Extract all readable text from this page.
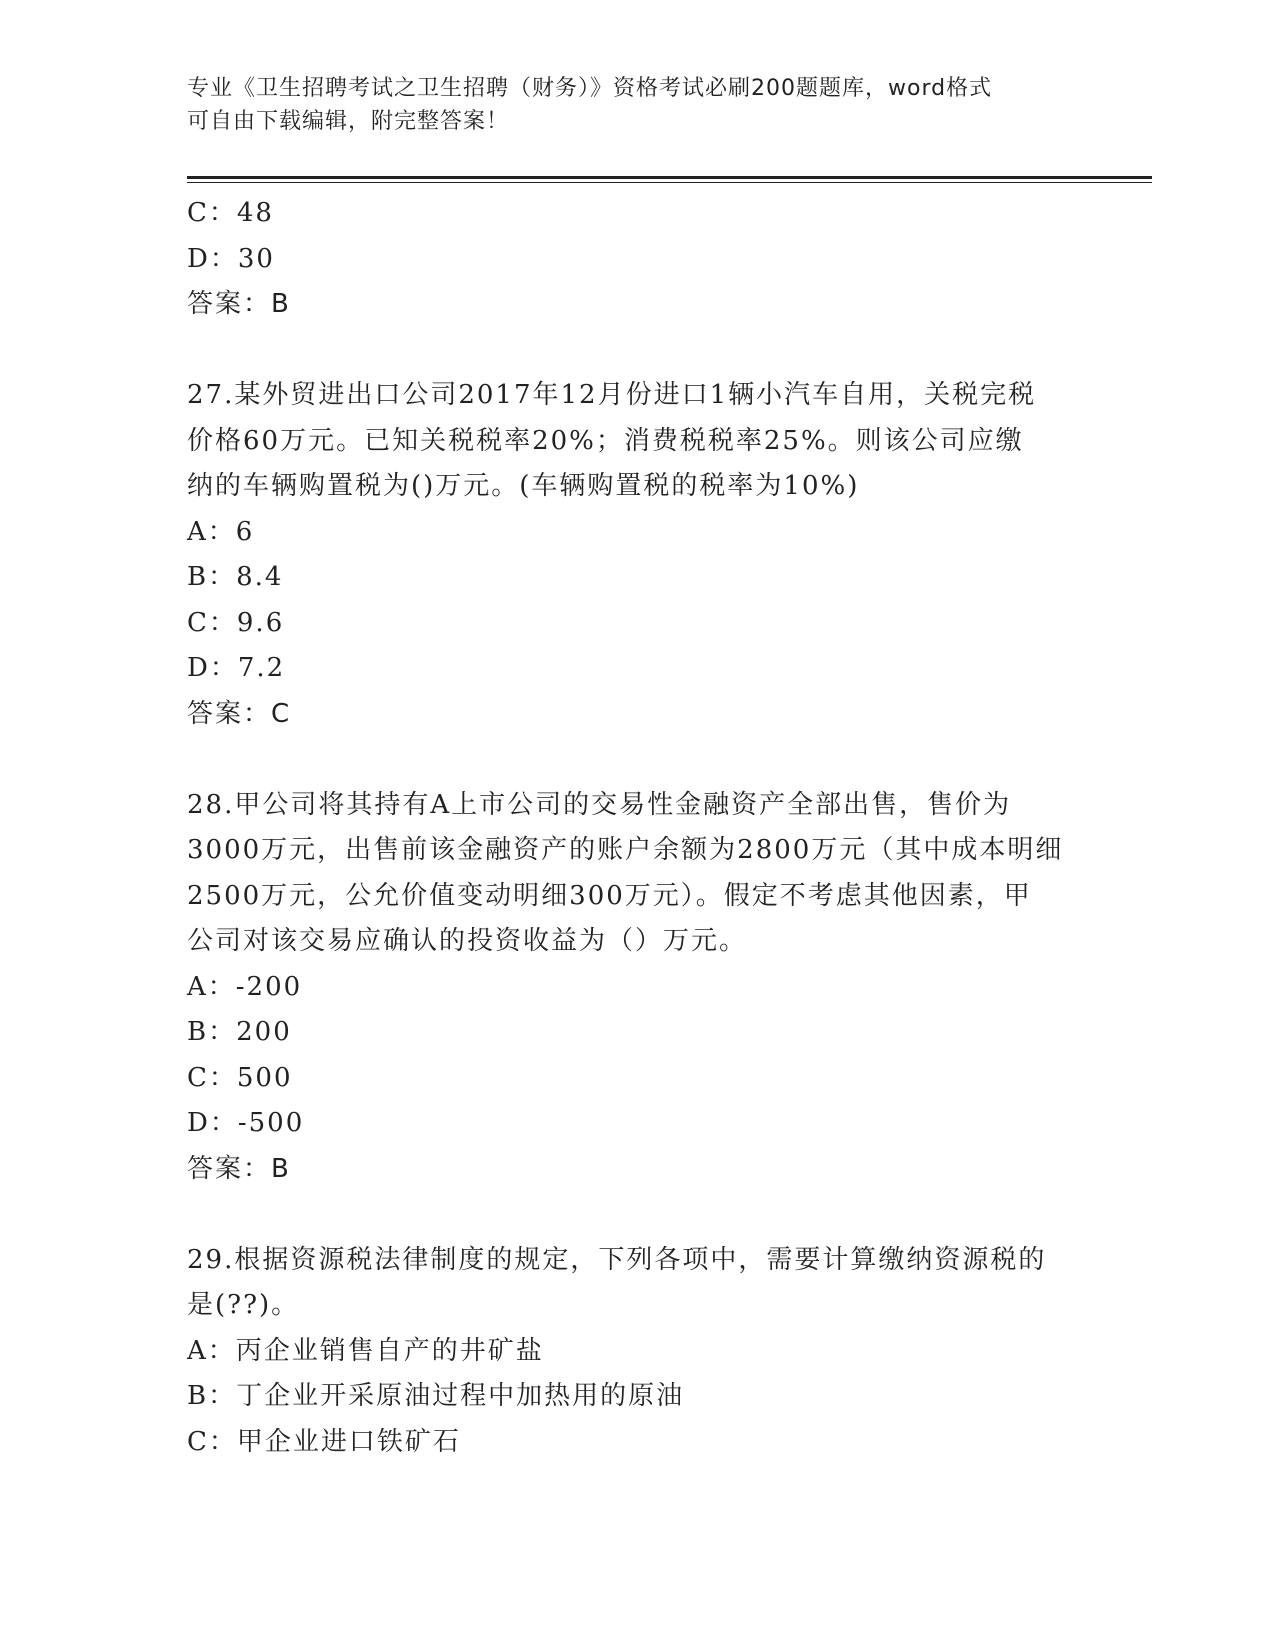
专业《卫生招聘考试之卫生招聘（财务）》资格考试必刷200题题库，word格式
可自由下载编辑，附完整答案！
C：48
D：30
答案：B
27.某外贸进出口公司2017年12月份进口1辆小汽车自用，关税完税
价格60万元。已知关税税率20%；消费税税率25%。则该公司应缴
纳的车辆购置税为()万元。(车辆购置税的税率为10%)
A：6
B：8.4
C：9.6
D：7.2
答案：C
28.甲公司将其持有A上市公司的交易性金融资产全部出售，售价为
3000万元，出售前该金融资产的账户余额为2800万元（其中成本明细
2500万元，公允价值变动明细300万元）。假定不考虑其他因素，甲
公司对该交易应确认的投资收益为（）万元。
A：-200
B：200
C：500
D：-500
答案：B
29.根据资源税法律制度的规定，下列各项中，需要计算缴纳资源税的
是(??)。
A：丙企业销售自产的井矿盐
B：丁企业开采原油过程中加热用的原油
C：甲企业进口铁矿石
